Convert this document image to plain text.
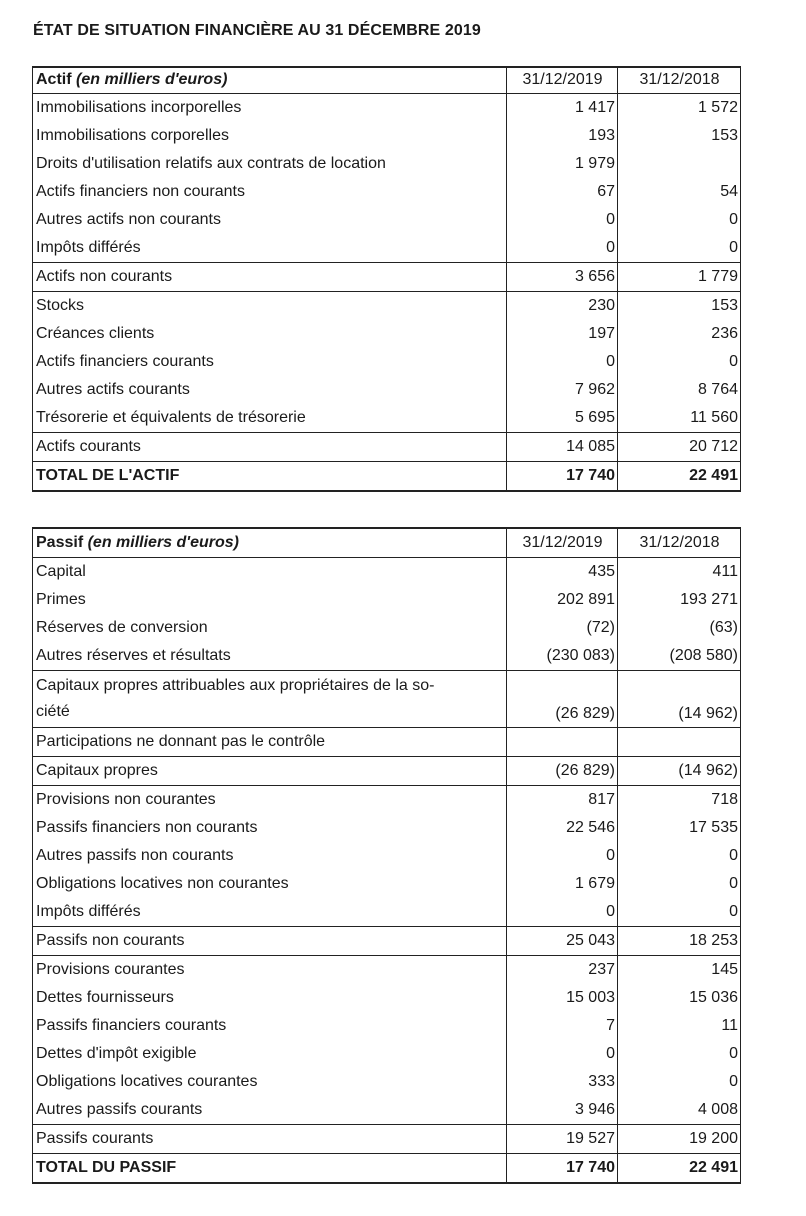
ÉTAT DE SITUATION FINANCIÈRE AU 31 DÉCEMBRE 2019
Actif (en milliers d'euros)	31/12/2019	31/12/2018
Immobilisations incorporelles	1 417	1 572
Immobilisations corporelles	193	153
Droits d'utilisation relatifs aux contrats de location	1 979	
Actifs financiers non courants	67	54
Autres actifs non courants	0	0
Impôts différés	0	0
Actifs non courants	3 656	1 779
Stocks	230	153
Créances clients	197	236
Actifs financiers courants	0	0
Autres actifs courants	7 962	8 764
Trésorerie et équivalents de trésorerie	5 695	11 560
Actifs courants	14 085	20 712
TOTAL DE L'ACTIF	17 740	22 491
Passif (en milliers d'euros)	31/12/2019	31/12/2018
Capital	435	411
Primes	202 891	193 271
Réserves de conversion	(72)	(63)
Autres réserves et résultats	(230 083)	(208 580)
Capitaux propres attribuables aux propriétaires de la so-
ciété	(26 829)	(14 962)
Participations ne donnant pas le contrôle		
Capitaux propres	(26 829)	(14 962)
Provisions non courantes	817	718
Passifs financiers non courants	22 546	17 535
Autres passifs non courants	0	0
Obligations locatives non courantes	1 679	0
Impôts différés	0	0
Passifs non courants	25 043	18 253
Provisions courantes	237	145
Dettes fournisseurs	15 003	15 036
Passifs financiers courants	7	11
Dettes d'impôt exigible	0	0
Obligations locatives courantes	333	0
Autres passifs courants	3 946	4 008
Passifs courants	19 527	19 200
TOTAL DU PASSIF	17 740	22 491
